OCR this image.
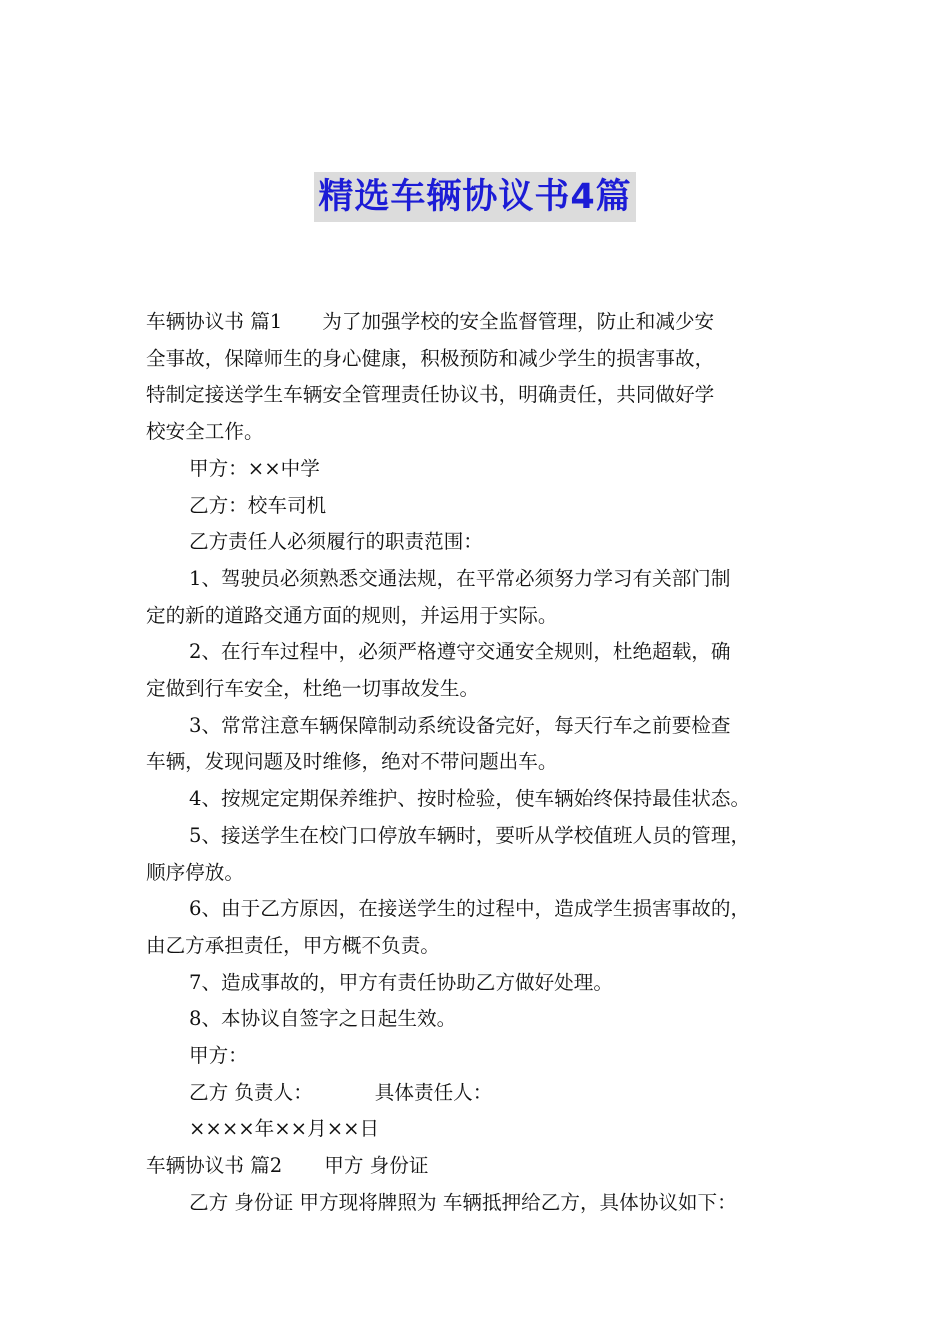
精选车辆协议书4篇

车辆协议书 篇1 为了加强学校的安全监督管理，防止和减少安

全事故，保障师生的身心健康，积极预防和减少学生的损害事故，

特制定接送学生车辆安全管理责任协议书，明确责任，共同做好学

校安全工作。

甲方：××中学

乙方：校车司机

乙方责任人必须履行的职责范围：

1、驾驶员必须熟悉交通法规，在平常必须努力学习有关部门制

定的新的道路交通方面的规则，并运用于实际。

2、在行车过程中，必须严格遵守交通安全规则，杜绝超载，确

定做到行车安全，杜绝一切事故发生。

3、常常注意车辆保障制动系统设备完好，每天行车之前要检查

车辆，发现问题及时维修，绝对不带问题出车。

4、按规定定期保养维护、按时检验，使车辆始终保持最佳状态。

5、接送学生在校门口停放车辆时，要听从学校值班人员的管理，

顺序停放。

6、由于乙方原因，在接送学生的过程中，造成学生损害事故的，

由乙方承担责任，甲方概不负责。

7、造成事故的，甲方有责任协助乙方做好处理。

8、本协议自签字之日起生效。

甲方：

乙方 负责人：	具体责任人：

××××年××月××日

车辆协议书 篇2 甲方 身份证

乙方 身份证 甲方现将牌照为 车辆抵押给乙方，具体协议如下：
